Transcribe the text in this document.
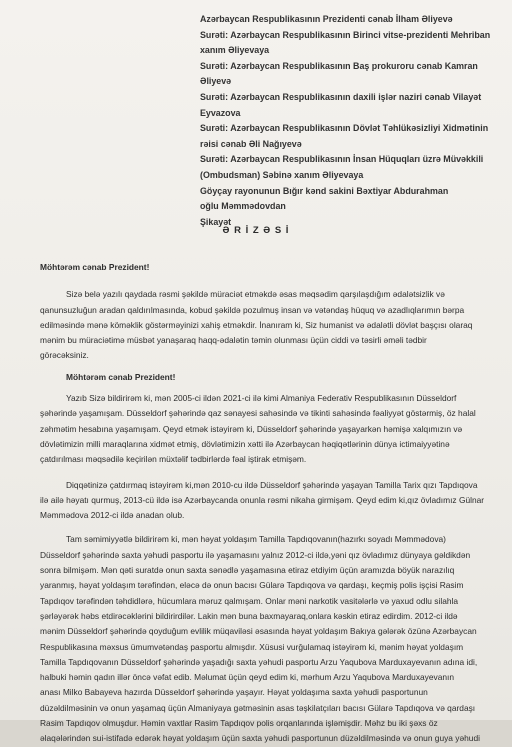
Azərbaycan Respublikasının Prezidenti cənab İlham Əliyevə
Surəti: Azərbaycan Respublikasının Birinci vitse-prezidenti Mehriban
xanım Əliyevaya
Surəti: Azərbaycan Respublikasının Baş prokuroru cənab Kamran
Əliyevə
Surəti: Azərbaycan Respublikasının daxili işlər naziri cənab Vilayət
Eyvazova
Surəti: Azərbaycan Respublikasının Dövlət Təhlükəsizliyi Xidmətinin
rəisi cənab Əli Nağıyevə
Surəti: Azərbaycan Respublikasının İnsan Hüquqları üzrə Müvəkkili
(Ombudsman) Səbinə xanım Əliyevaya
Göyçay rayonunun Bığır kənd sakini Bəxtiyar Abdurahman
oğlu Məmmədovdan
Şikayət
Ə R İ Z Ə S İ

Möhtərəm cənab Prezident!

Sizə belə yazılı qaydada rəsmi şəkildə müraciət etməkdə əsas məqsədim qarşılaşdığım ədalətsizlik və

qanunsuzluğun aradan qaldırılmasında, kobud şəkildə pozulmuş insan və vətəndaş hüquq və azadlıqlarımın bərpa

edilməsində mənə köməklik göstərməyinizi xahiş etməkdir. İnanıram ki, Siz humanist və ədalətli dövlət başçısı olaraq

mənim bu müraciətimə müsbət yanaşaraq haqq-ədalətin təmin olunması üçün ciddi və təsirli əməli tədbir

görəcəksiniz.

Möhtərəm cənab Prezident!

Yazıb Sizə bildirirəm ki, mən 2005-ci ildən 2021-ci ilə kimi Almaniya Federativ Respublikasının Düsseldorf

şəhərində yaşamışam. Düsseldorf şəhərində qaz sənayesi sahəsində və tikinti sahəsində fəaliyyət göstərmiş, öz halal

zəhmətim hesabına yaşamışam. Qeyd etmək istəyirəm ki, Düsseldorf şəhərində yaşayarkən həmişə xalqımızın və

dövlətimizin milli maraqlarına xidmət etmiş, dövlətimizin xətti ilə Azərbaycan həqiqətlərinin dünya ictimaiyyətinə

çatdırılması məqsədilə keçirilən müxtəlif tədbirlərdə fəal iştirak etmişəm.

Diqqətinizə çatdırmaq istəyirəm ki,mən 2010-cu ildə Düsseldorf şəhərində yaşayan Tamilla Tarix qızı Tapdıqova

ilə ailə həyatı qurmuş, 2013-cü ildə isə Azərbaycanda onunla rəsmi nikaha girmişəm. Qeyd edim ki,qız övladımız Gülnar

Məmmədova 2012-ci ildə anadan olub.

Tam səmimiyyətlə bildirirəm ki, mən həyat yoldaşım Tamilla Tapdıqovanın(hazırkı soyadı Məmmədova)

Düsseldorf şəhərində saxta yəhudi pasportu ilə yaşamasını yalnız 2012-ci ildə,yəni qız övladımız dünyaya gəldikdən

sonra bilmişəm. Mən qəti suratdə onun saxta sənədlə yaşamasına etiraz etdiyim üçün aramızda böyük narazılıq

yaranmış, həyat yoldaşım tərəfindən, eləcə də onun bacısı Gülarə Tapdıqova və qardaşı, keçmiş polis işçisi Rasim

Tapdıqov tərəfindən təhdidlərə, hücumlara məruz qalmışam. Onlar məni narkotik vasitələrlə və yaxud odlu silahla

şərləyərək həbs etdirəcəklərini bildirirdilər. Lakin mən buna baxmayaraq,onlara kəskin etiraz edirdim. 2012-ci ildə

mənim Düsseldorf şəhərində qoyduğum evlilik müqaviləsi əsasında həyat yoldaşım Bakıya gələrək özünə Azərbaycan

Respublikasına məxsus ümumvətəndaş pasportu almışdır. Xüsusi vurğulamaq istəyirəm ki, mənim həyat yoldaşım

Tamilla Tapdıqovanın Düsseldorf şəhərində yaşadığı saxta yəhudi pasportu Arzu Yaqubova Marduxayevanın adına idi,

halbuki həmin qadın illər öncə vəfat edib. Məlumat üçün qeyd edim ki, mərhum Arzu Yaqubova Marduxayevanın

anası Milko Babayeva hazırda Düsseldorf şəhərində yaşayır. Həyat yoldaşıma saxta yəhudi pasportunun

düzəldilməsinin və onun yaşamaq üçün Almaniyaya gətməsinin asas təşkilatçıları bacısı Gülarə Tapdıqova və qardaşı

Rasim Tapdıqov olmuşdur. Həmin vaxtlar Rasim Tapdıqov polis orqanlarında işləmişdir. Məhz bu iki şəxs öz

əlaqələrindən sui-istifadə edərək həyat yoldaşım üçün saxta yəhudi pasportunun düzəldilməsində və onun guya yəhudi
